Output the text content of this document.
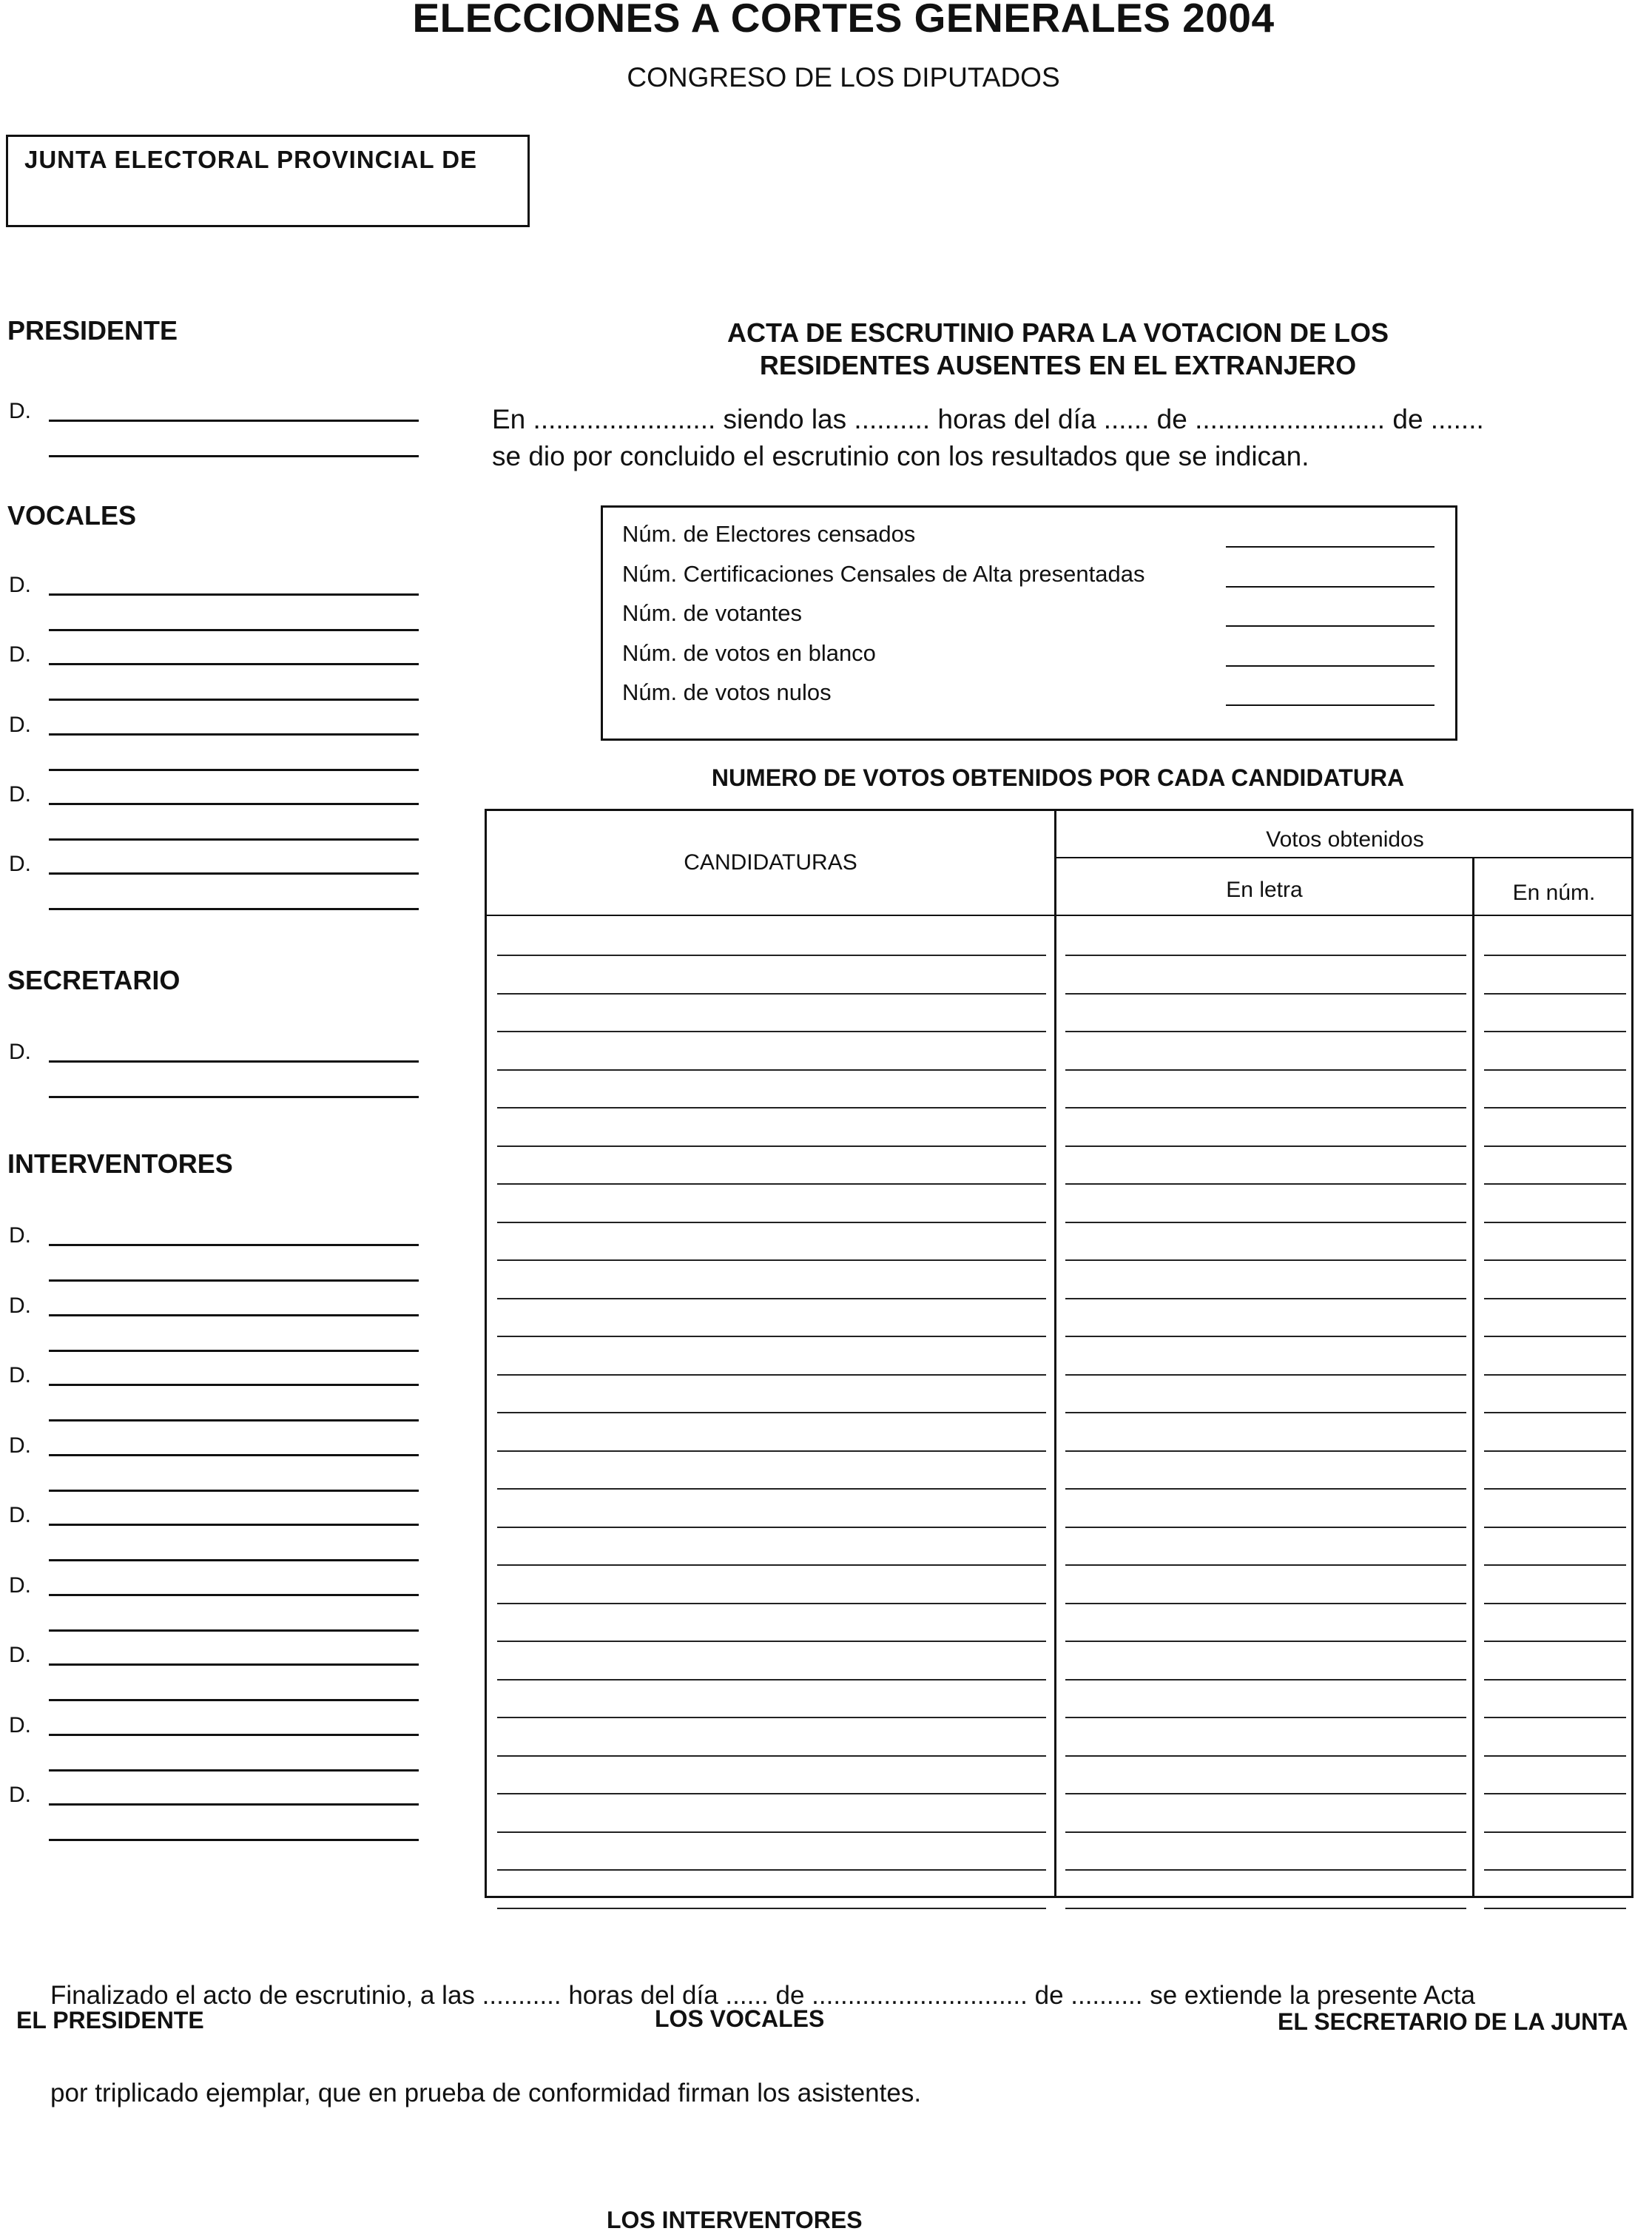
ELECCIONES A CORTES GENERALES 2004
CONGRESO DE LOS DIPUTADOS
JUNTA ELECTORAL PROVINCIAL DE
PRESIDENTE
VOCALES
SECRETARIO
INTERVENTORES
D.
D.
D.
D.
D.
D.
D.
D.
D.
D.
D.
D.
D.
D.
D.
D.
ACTA DE ESCRUTINIO PARA LA VOTACION DE LOS
RESIDENTES AUSENTES EN EL EXTRANJERO
En ........................ siendo las .......... horas del día ...... de ......................... de .......
se dio por concluido el escrutinio con los resultados que se indican.
Núm. de Electores censados
Núm. Certificaciones Censales de Alta presentadas
Núm. de votantes
Núm. de votos en blanco
Núm. de votos nulos
NUMERO DE VOTOS OBTENIDOS POR CADA CANDIDATURA
CANDIDATURAS
Votos obtenidos
En letra	En núm.

Finalizado el acto de escrutinio, a las ........... horas del día ...... de .............................. de .......... se extiende la presente Acta

por triplicado ejemplar, que en prueba de conformidad firman los asistentes.

EL PRESIDENTE	LOS VOCALES	EL SECRETARIO DE LA JUNTA
LOS INTERVENTORES
